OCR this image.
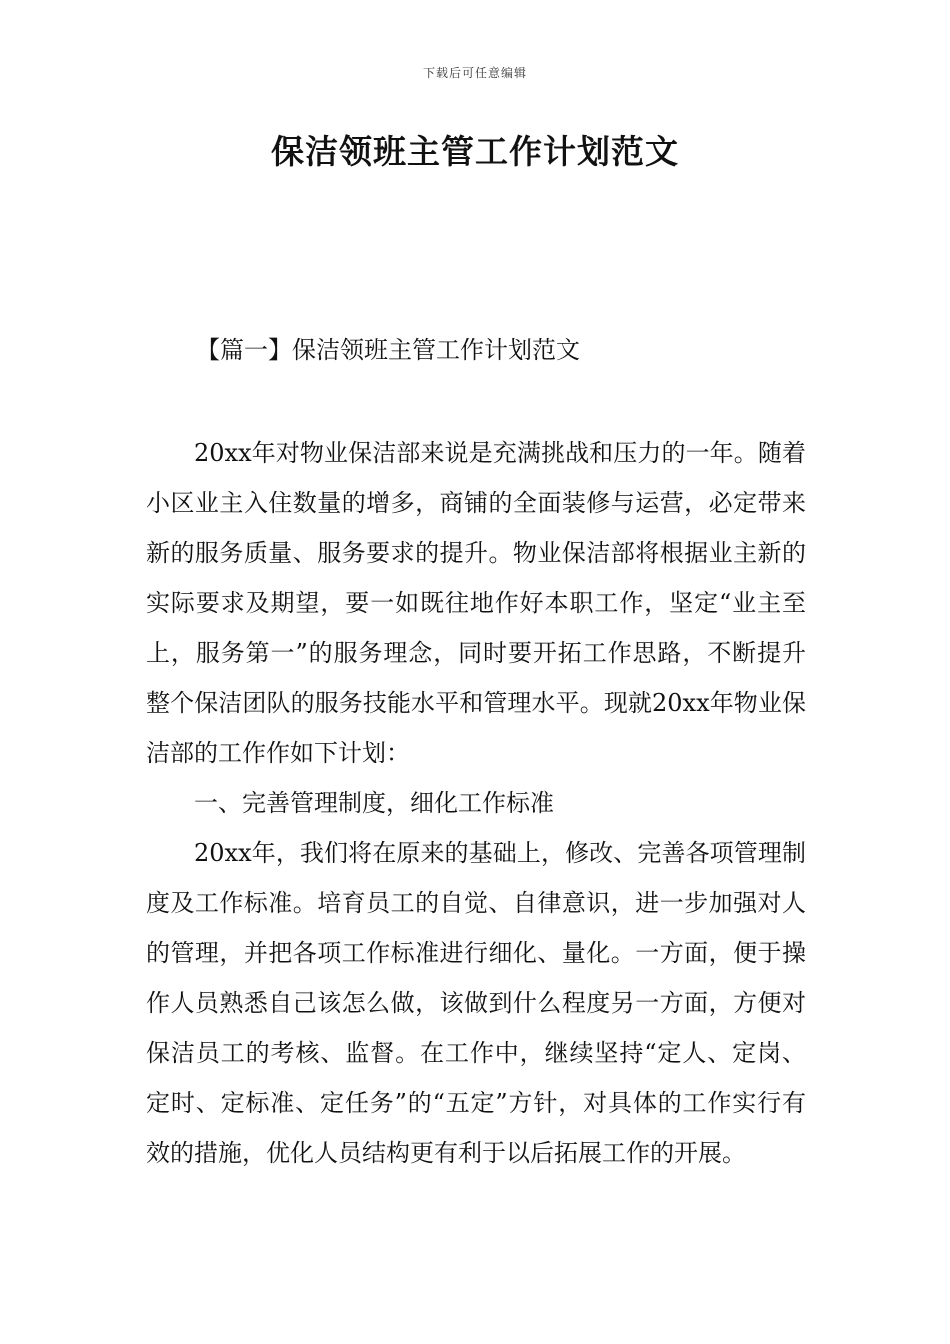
下载后可任意编辑
保洁领班主管工作计划范文
【篇一】保洁领班主管工作计划范文

20xx年对物业保洁部来说是充满挑战和压力的一年。随着小区业主入住数量的增多，商铺的全面装修与运营，必定带来新的服务质量、服务要求的提升。物业保洁部将根据业主新的实际要求及期望，要一如既往地作好本职工作，坚定“业主至上，服务第一”的服务理念，同时要开拓工作思路，不断提升整个保洁团队的服务技能水平和管理水平。现就20xx年物业保洁部的工作作如下计划：

一、完善管理制度，细化工作标准

20xx年，我们将在原来的基础上，修改、完善各项管理制度及工作标准。培育员工的自觉、自律意识，进一步加强对人的管理，并把各项工作标准进行细化、量化。一方面，便于操作人员熟悉自己该怎么做，该做到什么程度另一方面，方便对保洁员工的考核、监督。在工作中，继续坚持“定人、定岗、定时、定标准、定任务”的“五定”方针，对具体的工作实行有效的措施，优化人员结构更有利于以后拓展工作的开展。
